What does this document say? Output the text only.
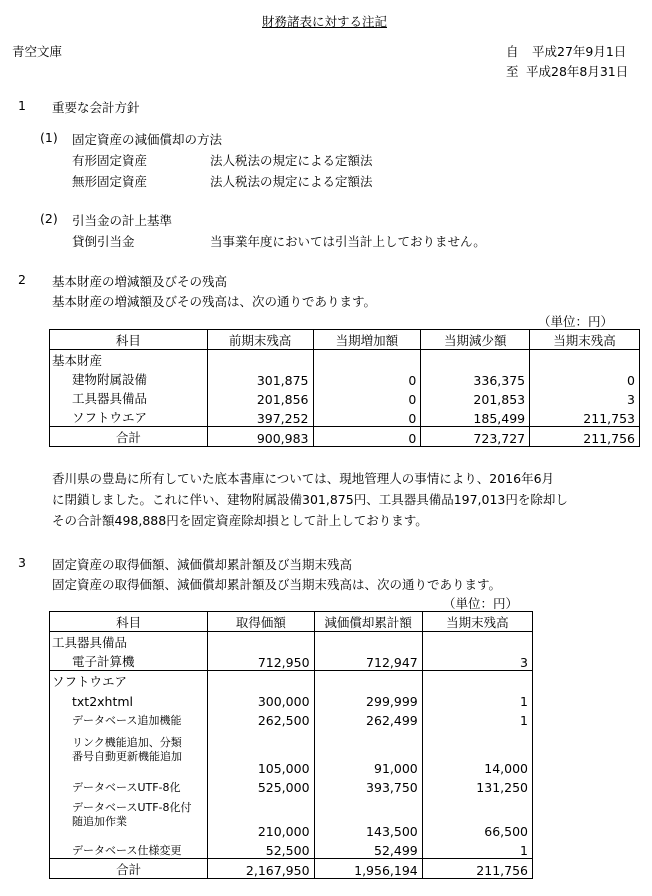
財務諸表に対する注記
青空文庫	自 平成27年9月1日
至 平成28年8月31日
1 重要な会計方針
(1) 固定資産の減価償却の方法
有形固定資産	法人税法の規定による定額法
無形固定資産	法人税法の規定による定額法
(2) 引当金の計上基準
貸倒引当金	当事業年度においては引当計上しておりません。
2 基本財産の増減額及びその残高
基本財産の増減額及びその残高は、次の通りであります。
（単位：円）
科目	前期末残高	当期増加額	当期減少額	当期末残高
基本財産				
建物附属設備	301,875	0	336,375	0
工具器具備品	201,856	0	201,853	3
ソフトウエア	397,252	0	185,499	211,753
合計	900,983	0	723,727	211,756
香川県の豊島に所有していた底本書庫については、現地管理人の事情により、2016年6月
に閉鎖しました。これに伴い、建物附属設備301,875円、工具器具備品197,013円を除却し
その合計額498,888円を固定資産除却損として計上しております。
3 固定資産の取得価額、減価償却累計額及び当期末残高
固定資産の取得価額、減価償却累計額及び当期末残高は、次の通りであります。
（単位：円）
科目	取得価額	減価償却累計額	当期末残高
工具器具備品			
電子計算機	712,950	712,947	3
ソフトウエア			
txt2xhtml	300,000	299,999	1
データベース追加機能	262,500	262,499	1
リンク機能追加、分類
番号自動更新機能追加	105,000	91,000	14,000
データベースUTF-8化	525,000	393,750	131,250
データベースUTF-8化付
随追加作業	210,000	143,500	66,500
データベース仕様変更	52,500	52,499	1
合計	2,167,950	1,956,194	211,756
